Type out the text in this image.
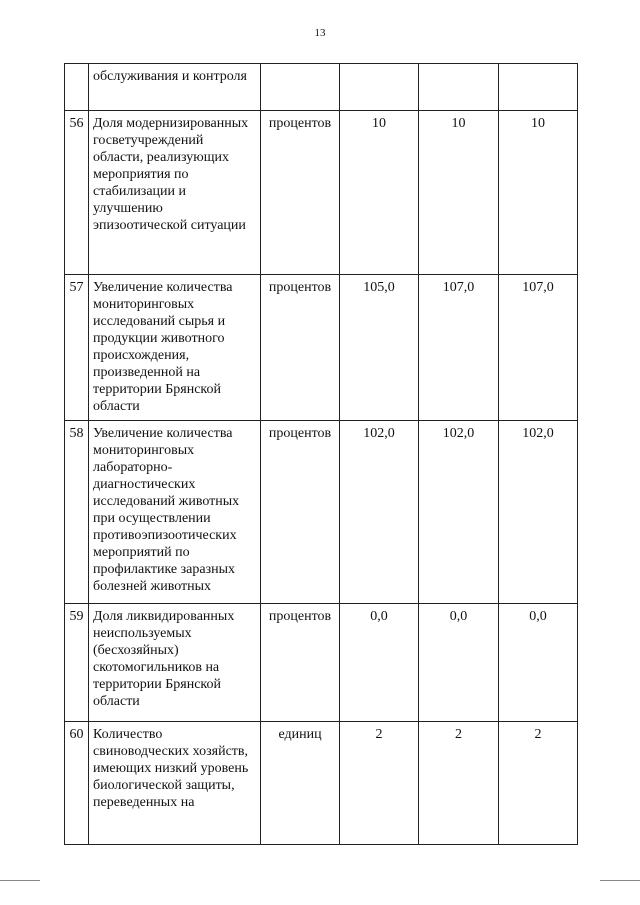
13
	обслуживания и контроля				
56	Доля модернизированных госветучреждений области, реализующих мероприятия по стабилизации и улучшению эпизоотической ситуации	процентов	10	10	10
57	Увеличение количества мониторинговых исследований сырья и продукции животного происхождения, произведенной на территории Брянской области	процентов	105,0	107,0	107,0
58	Увеличение количества мониторинговых лабораторно-диагностических исследований животных при осуществлении противоэпизоотических мероприятий по профилактике заразных болезней животных	процентов	102,0	102,0	102,0
59	Доля ликвидированных неиспользуемых (бесхозяйных) скотомогильников на территории Брянской области	процентов	0,0	0,0	0,0
60	Количество свиноводческих хозяйств, имеющих низкий уровень биологической защиты, переведенных на	единиц	2	2	2
